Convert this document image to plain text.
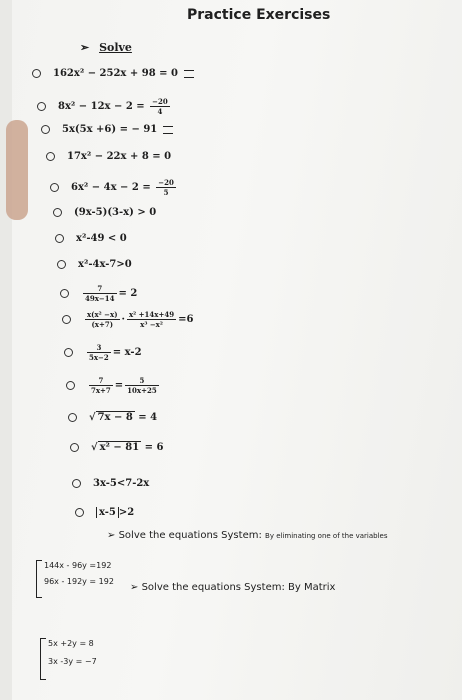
Practice Exercises
➢ Solve
162x² − 252x + 98 = 0
$8x^2 - 12x - 2 = \frac{-20}{4}$
5x(5x +6) = − 91
17x² − 22x + 8 = 0
$6x^2 - 4x - 2 = \frac{-20}{5}$
(9x-5)(3-x) > 0
x²-49 < 0
x²-4x-7>0
$\frac{7}{49x-14} = 2$
$\frac{\text{x(x² −x)}}{(x+7)} \cdot \frac{\text{x² +14x+49}}{\text{x³ −x²}} =6$
$\frac{3}{5x-2} = x-2$
$\frac{7}{7x+7} = \frac{5}{10x+25}$
√ 7x − 8 = 4
√ x² − 81 = 6
3x-5<7-2x
x-5 >2
➢ Solve the equations System: By eliminating one of the variables
144x - 96y =192
96x - 192y = 192
➢ Solve the equations System: By Matrix
5x +2y = 8
3x -3y = −7
